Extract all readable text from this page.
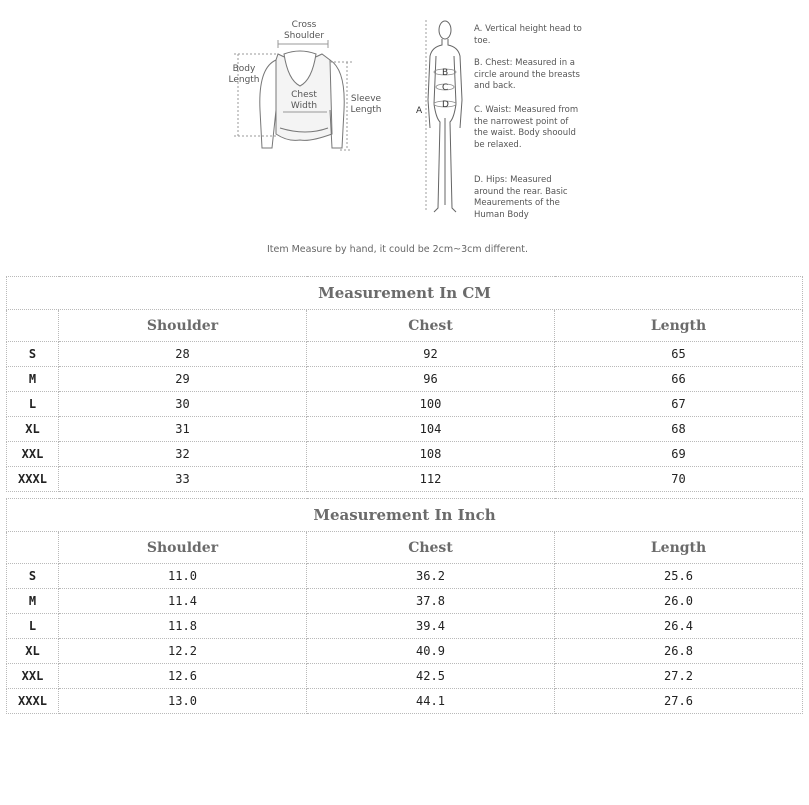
Cross
Shoulder
Body
Length
Chest
Width
Sleeve
Length	A
B
C
D
A. Vertical height head to toe.
B. Chest: Measured in a circle around the breasts and back.
C. Waist: Measured from the narrowest point of the waist. Body shoould be relaxed.
D. Hips: Measured around the rear. Basic Meaurements of the Human Body
Item Measure by hand, it could be 2cm~3cm different.
Measurement In CM			
	Shoulder	Chest	Length
S	28	92	65
M	29	96	66
L	30	100	67
XL	31	104	68
XXL	32	108	69
XXXL	33	112	70
Measurement In Inch			
	Shoulder	Chest	Length
S	11.0	36.2	25.6
M	11.4	37.8	26.0
L	11.8	39.4	26.4
XL	12.2	40.9	26.8
XXL	12.6	42.5	27.2
XXXL	13.0	44.1	27.6
